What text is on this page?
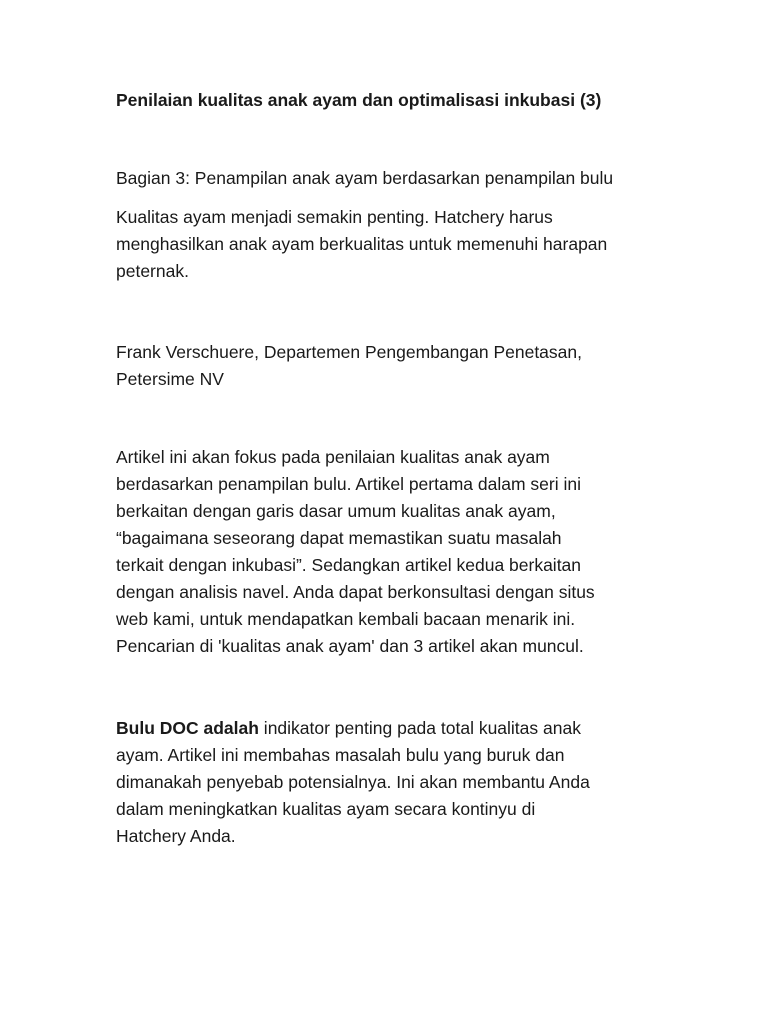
Penilaian kualitas anak ayam dan optimalisasi inkubasi (3)

Bagian 3: Penampilan anak ayam berdasarkan penampilan bulu

Kualitas ayam menjadi semakin penting. Hatchery harus
menghasilkan anak ayam berkualitas untuk memenuhi harapan
peternak.

Frank Verschuere, Departemen Pengembangan Penetasan,
Petersime NV

Artikel ini akan fokus pada penilaian kualitas anak ayam
berdasarkan penampilan bulu. Artikel pertama dalam seri ini
berkaitan dengan garis dasar umum kualitas anak ayam,
“bagaimana seseorang dapat memastikan suatu masalah
terkait dengan inkubasi”. Sedangkan artikel kedua berkaitan
dengan analisis navel. Anda dapat berkonsultasi dengan situs
web kami, untuk mendapatkan kembali bacaan menarik ini.
Pencarian di 'kualitas anak ayam' dan 3 artikel akan muncul.

Bulu DOC adalah indikator penting pada total kualitas anak
ayam. Artikel ini membahas masalah bulu yang buruk dan
dimanakah penyebab potensialnya. Ini akan membantu Anda
dalam meningkatkan kualitas ayam secara kontinyu di
Hatchery Anda.
